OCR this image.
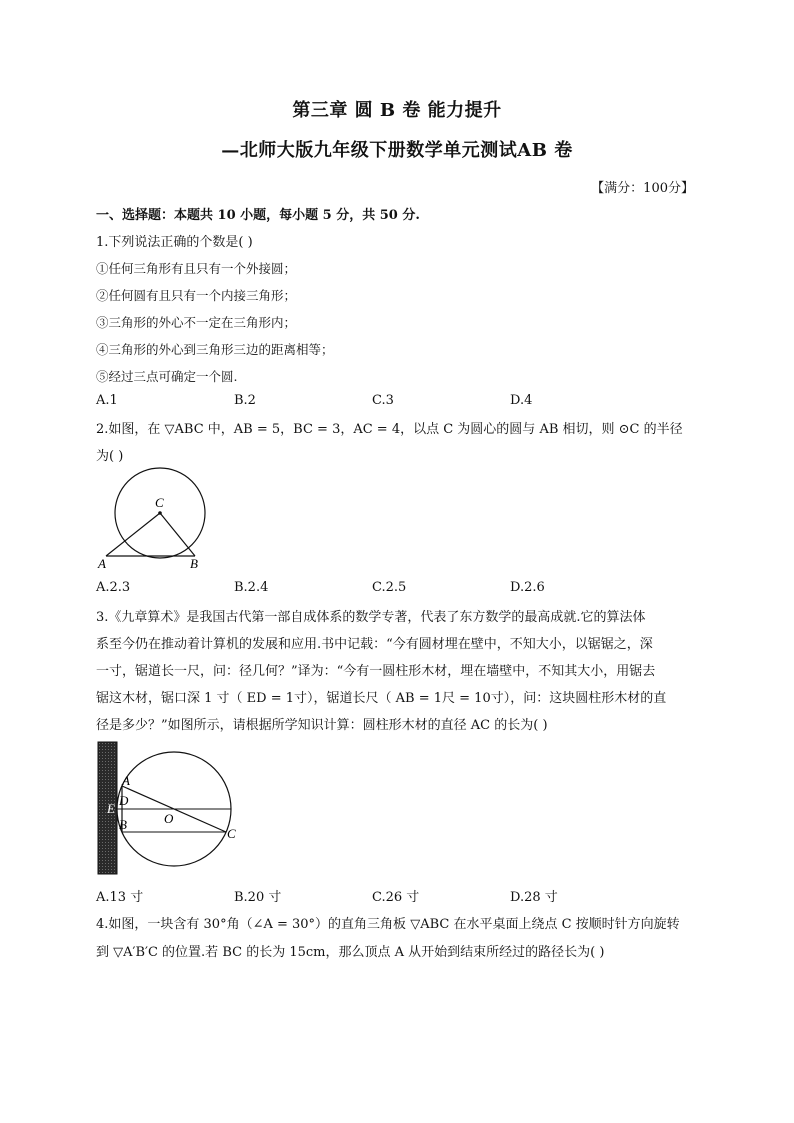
第三章 圆 B 卷 能力提升
—北师大版九年级下册数学单元测试AB 卷
【满分：100分】
一、选择题：本题共 10 小题，每小题 5 分，共 50 分.
1.下列说法正确的个数是( )
①任何三角形有且只有一个外接圆；
②任何圆有且只有一个内接三角形；
③三角形的外心不一定在三角形内；
④三角形的外心到三角形三边的距离相等；
⑤经过三点可确定一个圆.
A.1	B.2	C.3	D.4
2.如图，在 ▽ABC 中，AB = 5，BC = 3，AC = 4，以点 C 为圆心的圆与 AB 相切，则 ⊙C 的半径
为( )
C
A	B
A.2.3	B.2.4	C.2.5	D.2.6
3.《九章算术》是我国古代第一部自成体系的数学专著，代表了东方数学的最高成就.它的算法体
系至今仍在推动着计算机的发展和应用.书中记载：“今有圆材埋在壁中，不知大小，以锯锯之，深
一寸，锯道长一尺，问：径几何？”译为：“今有一圆柱形木材，埋在墙壁中，不知其大小，用锯去
锯这木材，锯口深 1 寸（ ED = 1寸），锯道长尺（ AB = 1尺 = 10寸），问：这块圆柱形木材的直
径是多少？”如图所示，请根据所学知识计算：圆柱形木材的直径 AC 的长为( )
A
D
E
O
B
C
A.13 寸	B.20 寸	C.26 寸	D.28 寸
4.如图，一块含有 30°角（∠A = 30°）的直角三角板 ▽ABC 在水平桌面上绕点 C 按顺时针方向旋转
到 ▽A′B′C 的位置.若 BC 的长为 15cm，那么顶点 A 从开始到结束所经过的路径长为( )
